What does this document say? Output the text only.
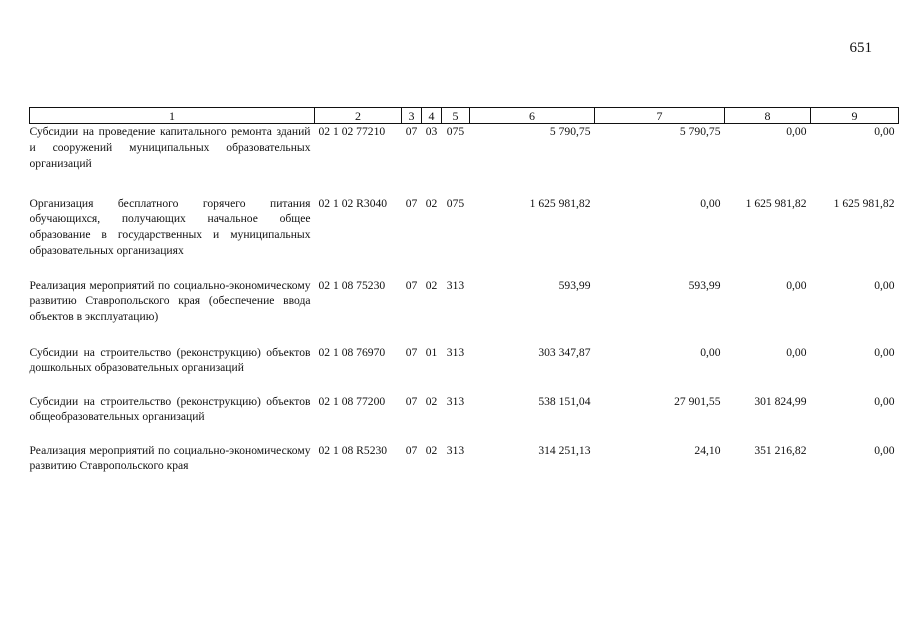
651
1	2	3	4	5	6	7	8	9
Субсидии на проведение капитального ремонта зданий и сооружений муниципальных образовательных организаций	02 1 02 77210	07	03	075	5 790,75	5 790,75	0,00	0,00
Организация бесплатного горячего питания обучающихся, получающих начальное общее образование в государственных и муниципальных образовательных организациях	02 1 02 R3040	07	02	075	1 625 981,82	0,00	1 625 981,82	1 625 981,82
Реализация мероприятий по социально-экономическому развитию Ставропольского края (обеспечение ввода объектов в эксплуатацию)	02 1 08 75230	07	02	313	593,99	593,99	0,00	0,00
Субсидии на строительство (реконструкцию) объектов дошкольных образовательных организаций	02 1 08 76970	07	01	313	303 347,87	0,00	0,00	0,00
Субсидии на строительство (реконструкцию) объектов общеобразовательных организаций	02 1 08 77200	07	02	313	538 151,04	27 901,55	301 824,99	0,00
Реализация мероприятий по социально-экономическому развитию Ставропольского края	02 1 08 R5230	07	02	313	314 251,13	24,10	351 216,82	0,00
